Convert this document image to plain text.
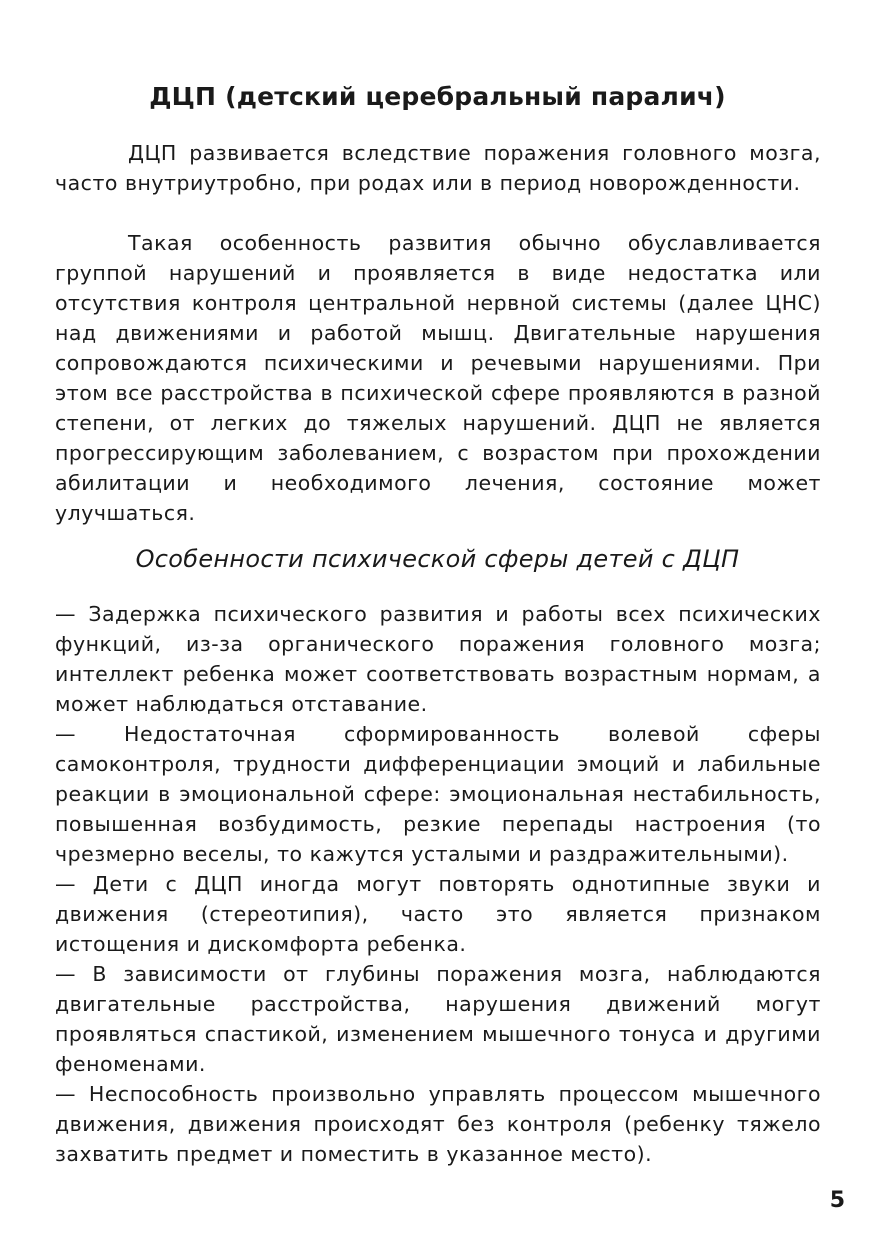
ДЦП (детский церебральный паралич)

ДЦП развивается вследствие поражения головного мозга, часто внутриутробно, при родах или в период новорожденности.

Такая особенность развития обычно обуславливается группой нарушений и проявляется в виде недостатка или отсутствия контроля центральной нервной системы (далее ЦНС) над движениями и работой мышц. Двигательные нарушения сопровождаются психическими и речевыми нарушениями. При этом все расстройства в психической сфере проявляются в разной степени, от легких до тяжелых нарушений. ДЦП не является прогрессирующим заболеванием, с возрастом при прохождении абилитации и необходимого лечения, состояние может улучшаться.

Особенности психической сферы детей с ДЦП

— Задержка психического развития и работы всех психических функций, из-за органического поражения головного мозга; интеллект ребенка может соответствовать возрастным нормам, а может наблюдаться отставание.

— Недостаточная сформированность волевой сферы самоконтроля, трудности дифференциации эмоций и лабильные реакции в эмоциональной сфере: эмоциональная нестабильность, повышенная возбудимость, резкие перепады настроения (то чрезмерно веселы, то кажутся усталыми и раздражительными).

— Дети с ДЦП иногда могут повторять однотипные звуки и движения (стереотипия), часто это является признаком истощения и дискомфорта ребенка.

— В зависимости от глубины поражения мозга, наблюдаются двигательные расстройства, нарушения движений могут проявляться спастикой, изменением мышечного тонуса и другими феноменами.

— Неспособность произвольно управлять процессом мышечного движения, движения происходят без контроля (ребенку тяжело захватить предмет и поместить в указанное место).

5
